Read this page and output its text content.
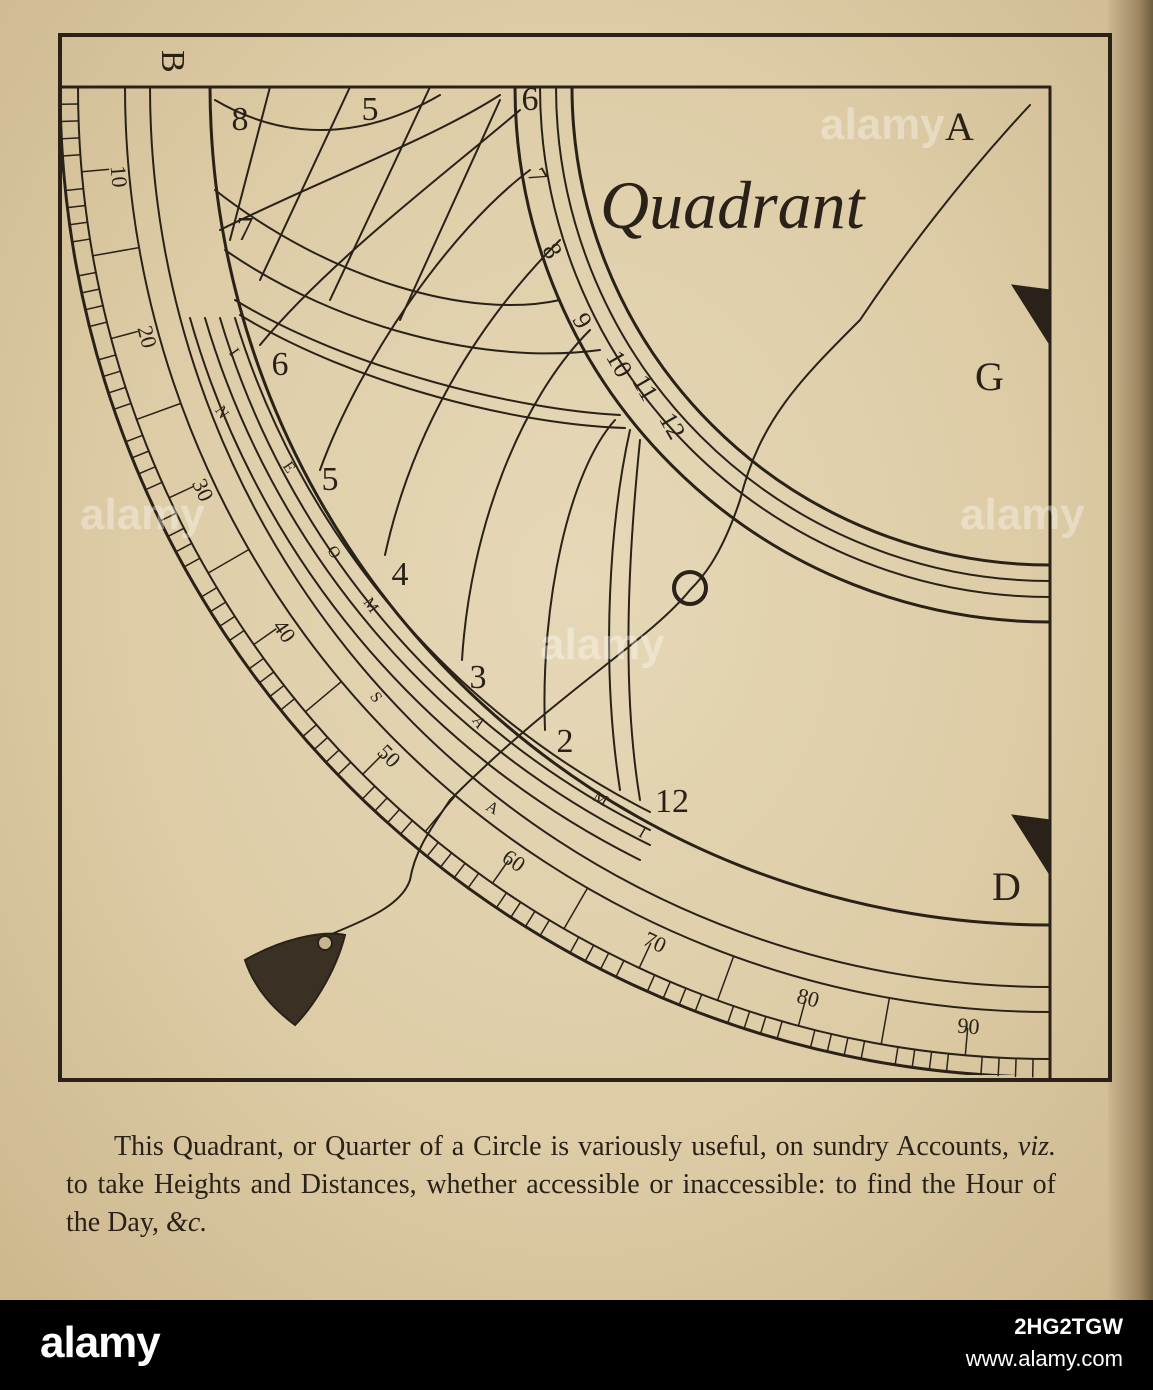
A
B
G
D
Quadrant
10
20
30
40
50
60
70
80
90
8
7
6
5
4
3
2
12
5	6
7
8
9
10
11
12
I
N
E
O
M
S
A
A	M
I

This Quadrant, or Quarter of a Circle is variously useful, on sundry Accounts, viz. to take Heights and Distances, whether accessible or inaccessible: to find the Hour of the Day, &c.

alamy
alamy
alamy
alamy
alamy	2HG2TGW
www.alamy.com
